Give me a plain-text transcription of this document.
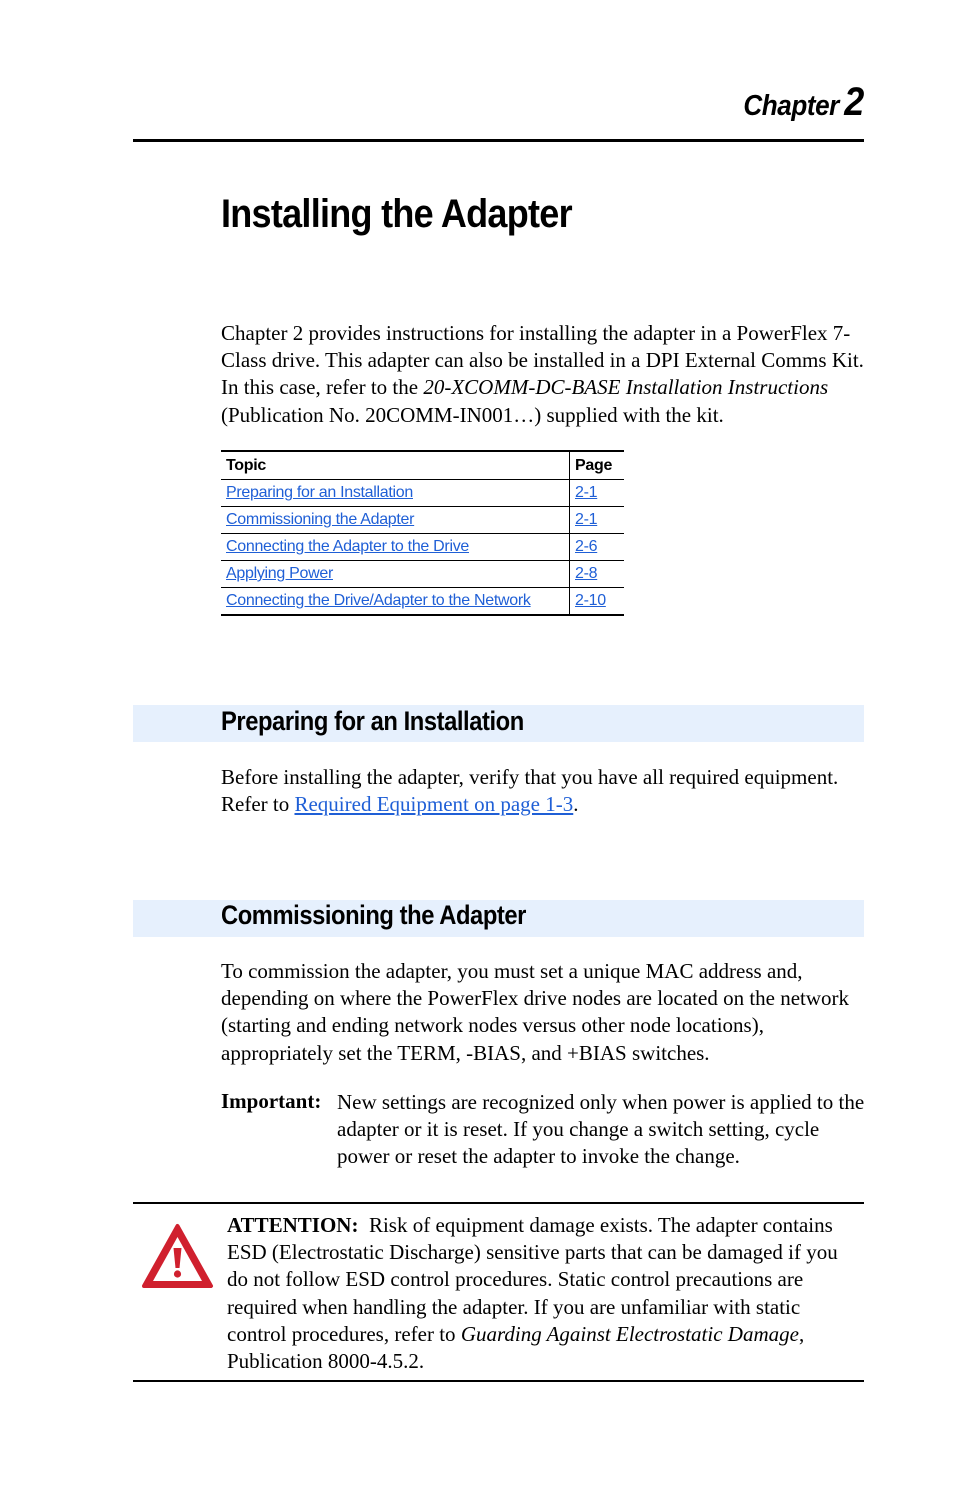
Chapter 2
Installing the Adapter

Chapter 2 provides instructions for installing the adapter in a PowerFlex 7-Class drive. This adapter can also be installed in a DPI External Comms Kit. In this case, refer to the 20-XCOMM-DC-BASE Installation Instructions (Publication No. 20COMM-IN001…) supplied with the kit.

Topic	Page
Preparing for an Installation	2-1
Commissioning the Adapter	2-1
Connecting the Adapter to the Drive	2-6
Applying Power	2-8
Connecting the Drive/Adapter to the Network	2-10
Preparing for an Installation

Before installing the adapter, verify that you have all required equipment. Refer to Required Equipment on page 1-3.

Commissioning the Adapter

To commission the adapter, you must set a unique MAC address and, depending on where the PowerFlex drive nodes are located on the network (starting and ending network nodes versus other node locations), appropriately set the TERM, -BIAS, and +BIAS switches.

Important: New settings are recognized only when power is applied to the adapter or it is reset. If you change a switch setting, cycle power or reset the adapter to invoke the change.

ATTENTION: Risk of equipment damage exists. The adapter contains ESD (Electrostatic Discharge) sensitive parts that can be damaged if you do not follow ESD control procedures. Static control precautions are required when handling the adapter. If you are unfamiliar with static control procedures, refer to Guarding Against Electrostatic Damage, Publication 8000-4.5.2.
